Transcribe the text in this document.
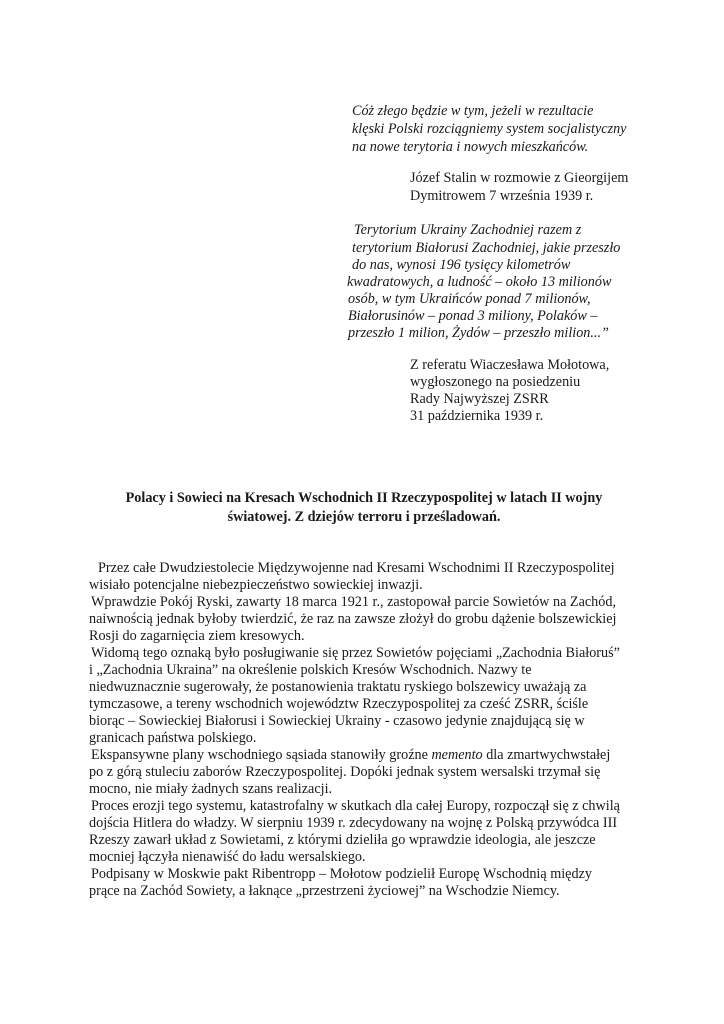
Cóż złego będzie w tym, jeżeli w rezultacie
klęski Polski rozciągniemy system socjalistyczny
na nowe terytoria i nowych mieszkańców.
Józef Stalin w rozmowie z Gieorgijem
Dymitrowem 7 września 1939 r.
Terytorium Ukrainy Zachodniej razem z
terytorium Białorusi Zachodniej, jakie przeszło
do nas, wynosi 196 tysięcy kilometrów
kwadratowych, a ludność – około 13 milionów
osób, w tym Ukraińców ponad 7 milionów,
Białorusinów – ponad 3 miliony, Polaków –
przeszło 1 milion, Żydów – przeszło milion...”
Z referatu Wiaczesława Mołotowa,
wygłoszonego na posiedzeniu
Rady Najwyższej ZSRR
31 października 1939 r.
Polacy i Sowieci na Kresach Wschodnich II Rzeczypospolitej w latach II wojny
światowej. Z dziejów terroru i prześladowań.
Przez całe Dwudziestolecie Międzywojenne nad Kresami Wschodnimi II Rzeczypospolitej
wisiało potencjalne niebezpieczeństwo sowieckiej inwazji.
Wprawdzie Pokój Ryski, zawarty 18 marca 1921 r., zastopował parcie Sowietów na Zachód,
naiwnością jednak byłoby twierdzić, że raz na zawsze złożył do grobu dążenie bolszewickiej
Rosji do zagarnięcia ziem kresowych.
Widomą tego oznaką było posługiwanie się przez Sowietów pojęciami „Zachodnia Białoruś”
i „Zachodnia Ukraina” na określenie polskich Kresów Wschodnich. Nazwy te
niedwuznacznie sugerowały, że postanowienia traktatu ryskiego bolszewicy uważają za
tymczasowe, a tereny wschodnich województw Rzeczypospolitej za cześć ZSRR, ściśle
biorąc – Sowieckiej Białorusi i Sowieckiej Ukrainy - czasowo jedynie znajdującą się w
granicach państwa polskiego.
Ekspansywne plany wschodniego sąsiada stanowiły groźne memento dla zmartwychwstałej
po z górą stuleciu zaborów Rzeczypospolitej. Dopóki jednak system wersalski trzymał się
mocno, nie miały żadnych szans realizacji.
Proces erozji tego systemu, katastrofalny w skutkach dla całej Europy, rozpoczął się z chwilą
dojścia Hitlera do władzy. W sierpniu 1939 r. zdecydowany na wojnę z Polską przywódca III
Rzeszy zawarł układ z Sowietami, z którymi dzieliła go wprawdzie ideologia, ale jeszcze
mocniej łączyła nienawiść do ładu wersalskiego.
Podpisany w Moskwie pakt Ribentropp – Mołotow podzielił Europę Wschodnią między
prące na Zachód Sowiety, a łaknące „przestrzeni życiowej” na Wschodzie Niemcy.
